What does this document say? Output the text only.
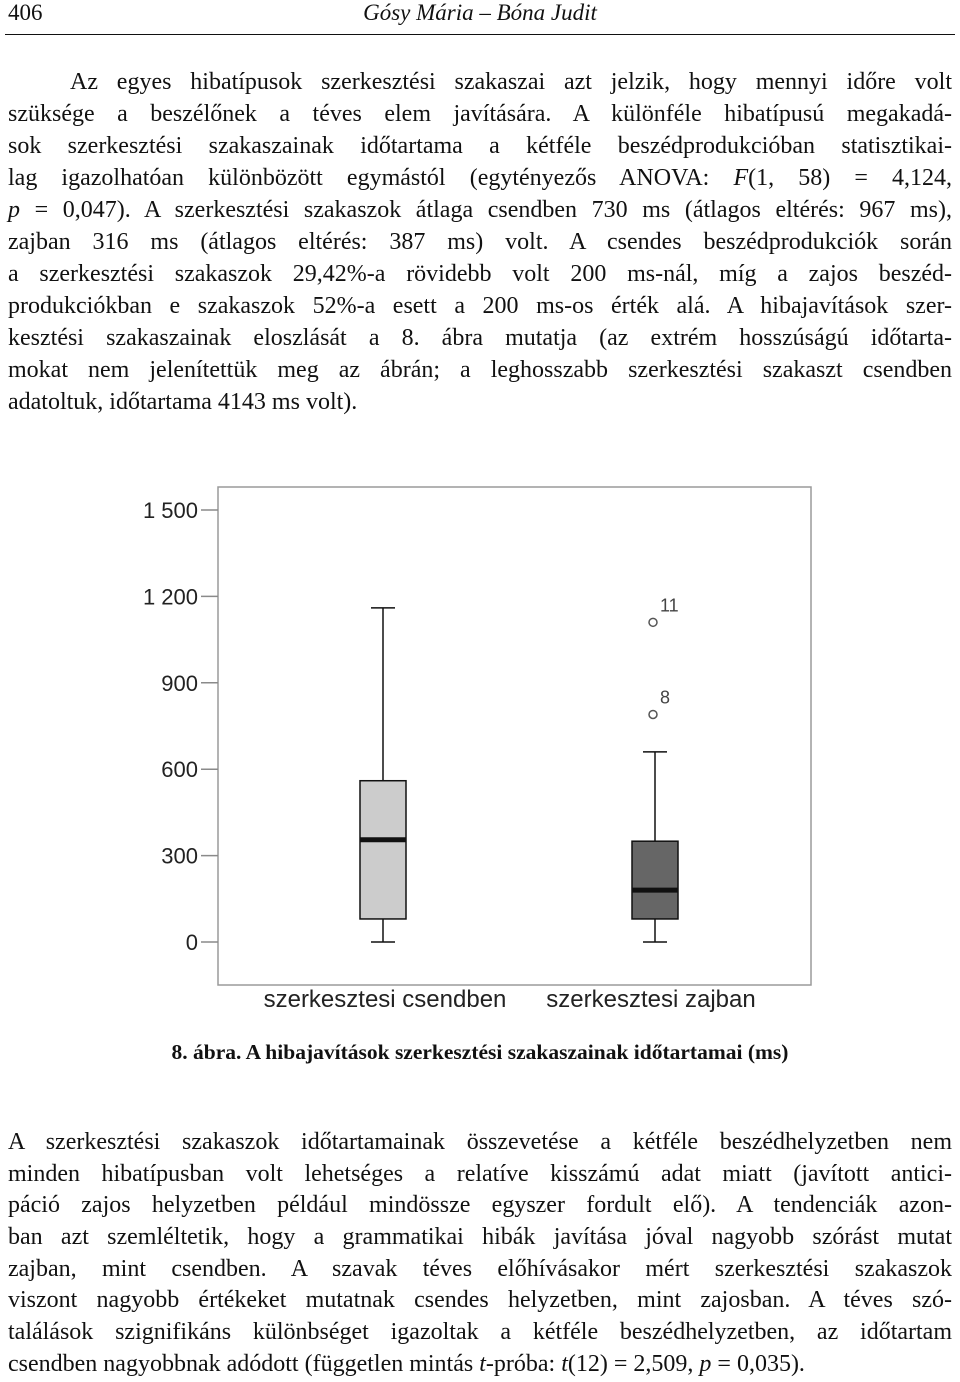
406	Gósy Mária – Bóna Judit
Az egyes hibatípusok szerkesztési szakaszai azt jelzik, hogy mennyi időre volt
szüksége a beszélőnek a téves elem javítására. A különféle hibatípusú megakadá-
sok szerkesztési szakaszainak időtartama a kétféle beszédprodukcióban statisztikai-
lag igazolhatóan különbözött egymástól (egytényezős ANOVA: F(1, 58) = 4,124,
p = 0,047). A szerkesztési szakaszok átlaga csendben 730 ms (átlagos eltérés: 967 ms),
zajban 316 ms (átlagos eltérés: 387 ms) volt. A csendes beszédprodukciók során
a szerkesztési szakaszok 29,42%-a rövidebb volt 200 ms-nál, míg a zajos beszéd-
produkciókban e szakaszok 52%-a esett a 200 ms-os érték alá. A hibajavítások szer-
kesztési szakaszainak eloszlását a 8. ábra mutatja (az extrém hosszúságú időtarta-
mokat nem jelenítettük meg az ábrán; a leghosszabb szerkesztési szakaszt csendben
adatoltuk, időtartama 4143 ms volt).
0
300
600
900
1 200
1 500
8
11
szerkesztesi csendben szerkesztesi zajban
8. ábra. A hibajavítások szerkesztési szakaszainak időtartamai (ms)
A szerkesztési szakaszok időtartamainak összevetése a kétféle beszédhelyzetben nem
minden hibatípusban volt lehetséges a relatíve kisszámú adat miatt (javított antici-
páció zajos helyzetben például mindössze egyszer fordult elő). A tendenciák azon-
ban azt szemléltetik, hogy a grammatikai hibák javítása jóval nagyobb szórást mutat
zajban, mint csendben. A szavak téves előhívásakor mért szerkesztési szakaszok
viszont nagyobb értékeket mutatnak csendes helyzetben, mint zajosban. A téves szó-
találások szignifikáns különbséget igazoltak a kétféle beszédhelyzetben, az időtartam
csendben nagyobbnak adódott (független mintás t-próba: t(12) = 2,509, p = 0,035).
